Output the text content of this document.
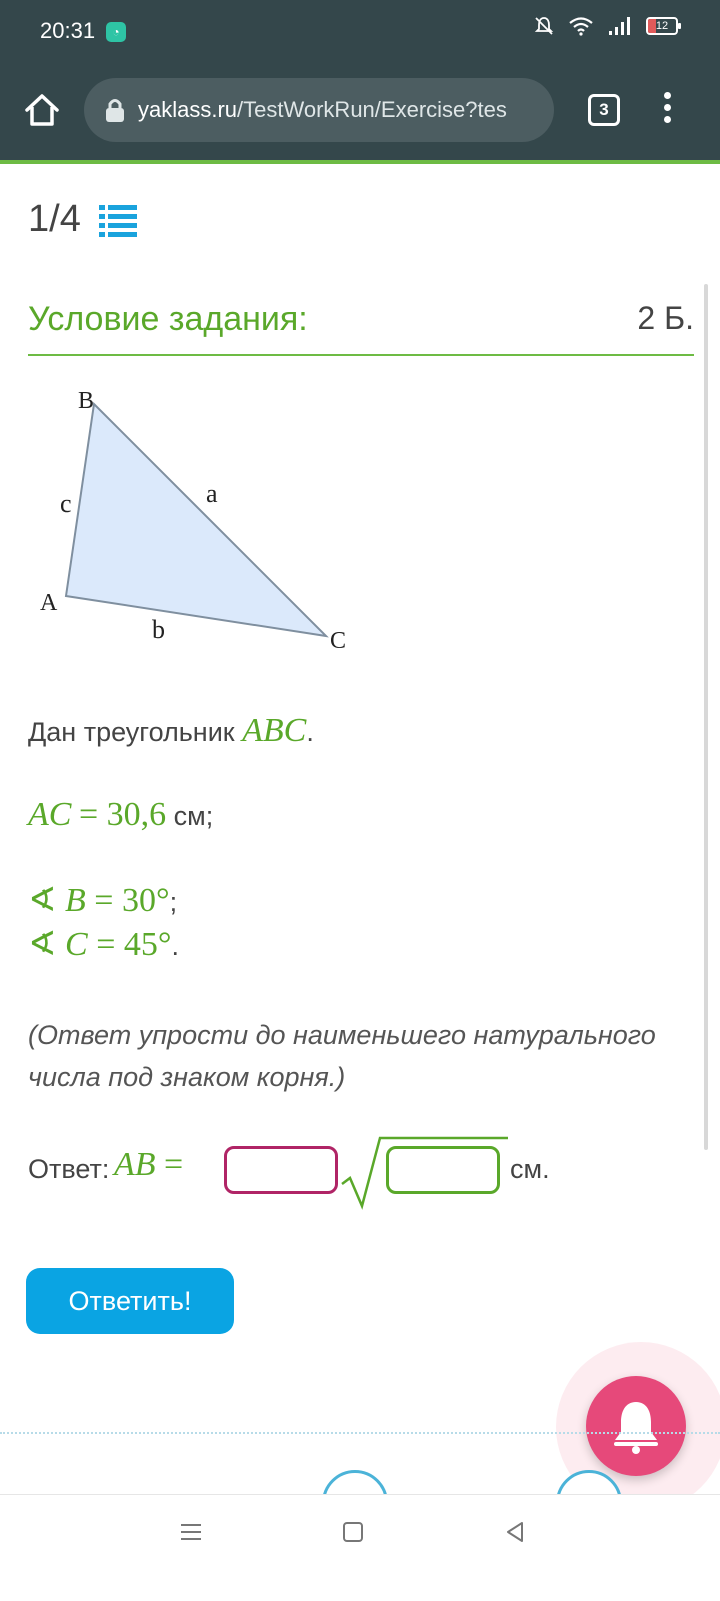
20:31	◔	12
yaklass.ru/TestWorkRun/Exercise?tes	3
1/4
Условие задания:	2 Б.
B
A
C
a
b
c
Дан треугольник ABC.
AC = 30,6 см;
∢ B = 30°;
∢ C = 45°.
(Ответ упрости до наименьшего натурального числа под знаком корня.)
Ответ: AB =	см.
Ответить!
